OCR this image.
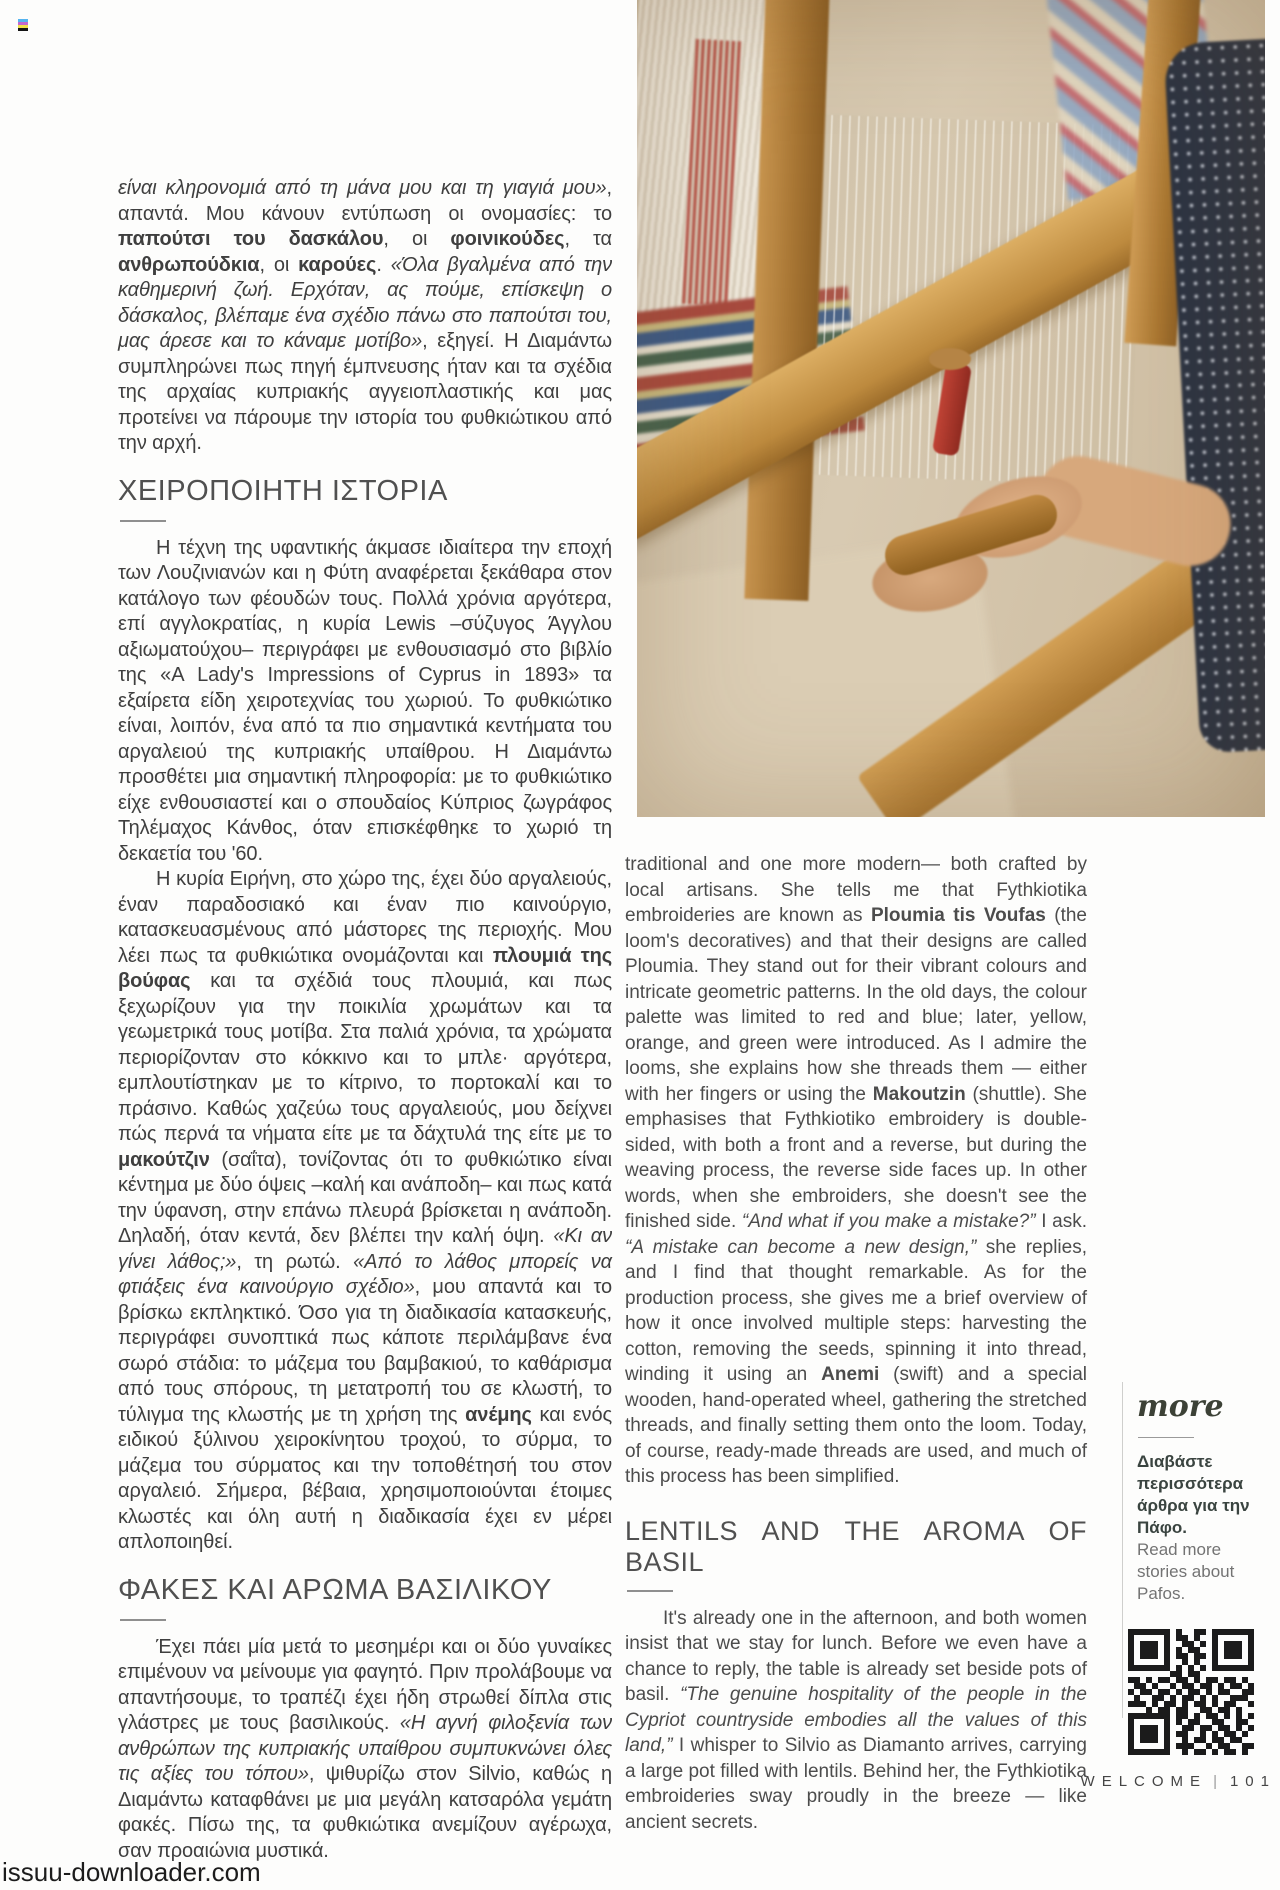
είναι κληρονομιά από τη μάνα μου και τη γιαγιά μου», απαντά. Μου κάνουν εντύπωση οι ονομασίες: το παπούτσι του δασκάλου, οι φοινικούδες, τα ανθρωπούδκια, οι καρούες. «Όλα βγαλμένα από την καθημερινή ζωή. Ερχόταν, ας πούμε, επίσκεψη ο δάσκαλος, βλέπαμε ένα σχέδιο πάνω στο παπούτσι του, μας άρεσε και το κάναμε μοτίβο», εξηγεί. Η Διαμάντω συμπληρώνει πως πηγή έμπνευσης ήταν και τα σχέδια της αρχαίας κυπριακής αγγειοπλαστικής και μας προτείνει να πάρουμε την ιστορία του φυθκιώτικου από την αρχή.

ΧΕΙΡΟΠΟΙΗΤΗ ΙΣΤΟΡΙΑ

Η τέχνη της υφαντικής άκμασε ιδιαίτερα την εποχή των Λουζινιανών και η Φύτη αναφέρεται ξεκάθαρα στον κατάλογο των φέουδών τους. Πολλά χρόνια αργότερα, επί αγγλοκρατίας, η κυρία Lewis –σύζυγος Άγγλου αξιωματούχου– περιγράφει με ενθουσιασμό στο βιβλίο της «A Lady's Impressions of Cyprus in 1893» τα εξαίρετα είδη χειροτεχνίας του χωριού. Το φυθκιώτικο είναι, λοιπόν, ένα από τα πιο σημαντικά κεντήματα του αργαλειού της κυπριακής υπαίθρου. Η Διαμάντω προσθέτει μια σημαντική πληροφορία: με το φυθκιώτικο είχε ενθουσιαστεί και ο σπουδαίος Κύπριος ζωγράφος Τηλέμαχος Κάνθος, όταν επισκέφθηκε το χωριό τη δεκαετία του '60.

Η κυρία Ειρήνη, στο χώρο της, έχει δύο αργαλειούς, έναν παραδοσιακό και έναν πιο καινούργιο, κατασκευασμένους από μάστορες της περιοχής. Μου λέει πως τα φυθκιώτικα ονομάζονται και πλουμιά της βούφας και τα σχέδιά τους πλουμιά, και πως ξεχωρίζουν για την ποικιλία χρωμάτων και τα γεωμετρικά τους μοτίβα. Στα παλιά χρόνια, τα χρώματα περιορίζονταν στο κόκκινο και το μπλε· αργότερα, εμπλουτίστηκαν με το κίτρινο, το πορτοκαλί και το πράσινο. Καθώς χαζεύω τους αργαλειούς, μου δείχνει πώς περνά τα νήματα είτε με τα δάχτυλά της είτε με το μακούτζιν (σαΐτα), τονίζοντας ότι το φυθκιώτικο είναι κέντημα με δύο όψεις –καλή και ανάποδη– και πως κατά την ύφανση, στην επάνω πλευρά βρίσκεται η ανάποδη. Δηλαδή, όταν κεντά, δεν βλέπει την καλή όψη. «Κι αν γίνει λάθος;», τη ρωτώ. «Από το λάθος μπορείς να φτιάξεις ένα καινούργιο σχέδιο», μου απαντά και το βρίσκω εκπληκτικό. Όσο για τη διαδικασία κατασκευής, περιγράφει συνοπτικά πως κάποτε περιλάμβανε ένα σωρό στάδια: το μάζεμα του βαμβακιού, το καθάρισμα από τους σπόρους, τη μετατροπή του σε κλωστή, το τύλιγμα της κλωστής με τη χρήση της ανέμης και ενός ειδικού ξύλινου χειροκίνητου τροχού, το σύρμα, το μάζεμα του σύρματος και την τοποθέτησή του στον αργαλειό. Σήμερα, βέβαια, χρησιμοποιούνται έτοιμες κλωστές και όλη αυτή η διαδικασία έχει εν μέρει απλοποιηθεί.

ΦΑΚΕΣ ΚΑΙ ΑΡΩΜΑ ΒΑΣΙΛΙΚΟΥ

Έχει πάει μία μετά το μεσημέρι και οι δύο γυναίκες επιμένουν να μείνουμε για φαγητό. Πριν προλάβουμε να απαντήσουμε, το τραπέζι έχει ήδη στρωθεί δίπλα στις γλάστρες με τους βασιλικούς. «Η αγνή φιλοξενία των ανθρώπων της κυπριακής υπαίθρου συμπυκνώνει όλες τις αξίες του τόπου», ψιθυρίζω στον Silvio, καθώς η Διαμάντω καταφθάνει με μια μεγάλη κατσαρόλα γεμάτη φακές. Πίσω της, τα φυθκιώτικα ανεμίζουν αγέρωχα, σαν προαιώνια μυστικά.

traditional and one more modern— both crafted by local artisans. She tells me that Fythkiotika embroideries are known as Ploumia tis Voufas (the loom's decoratives) and that their designs are called Ploumia. They stand out for their vibrant colours and intricate geometric patterns. In the old days, the colour palette was limited to red and blue; later, yellow, orange, and green were introduced. As I admire the looms, she explains how she threads them — either with her fingers or using the Makoutzin (shuttle). She emphasises that Fythkiotiko embroidery is double-sided, with both a front and a reverse, but during the weaving process, the reverse side faces up. In other words, when she embroiders, she doesn't see the finished side. “And what if you make a mistake?” I ask. “A mistake can become a new design,” she replies, and I find that thought remarkable. As for the production process, she gives me a brief overview of how it once involved multiple steps: harvesting the cotton, removing the seeds, spinning it into thread, winding it using an Anemi (swift) and a special wooden, hand-operated wheel, gathering the stretched threads, and finally setting them onto the loom. Today, of course, ready-made threads are used, and much of this process has been simplified.

LENTILS AND THE AROMA OF BASIL

It's already one in the afternoon, and both women insist that we stay for lunch. Before we even have a chance to reply, the table is already set beside pots of basil. “The genuine hospitality of the people in the Cypriot countryside embodies all the values of this land,” I whisper to Silvio as Diamanto arrives, carrying a large pot filled with lentils. Behind her, the Fythkiotika embroideries sway proudly in the breeze — like ancient secrets.

more

Διαβάστε περισσότερα άρθρα για την Πάφο.

Read more stories about Pafos.

WELCOME | 101
issuu-downloader.com
